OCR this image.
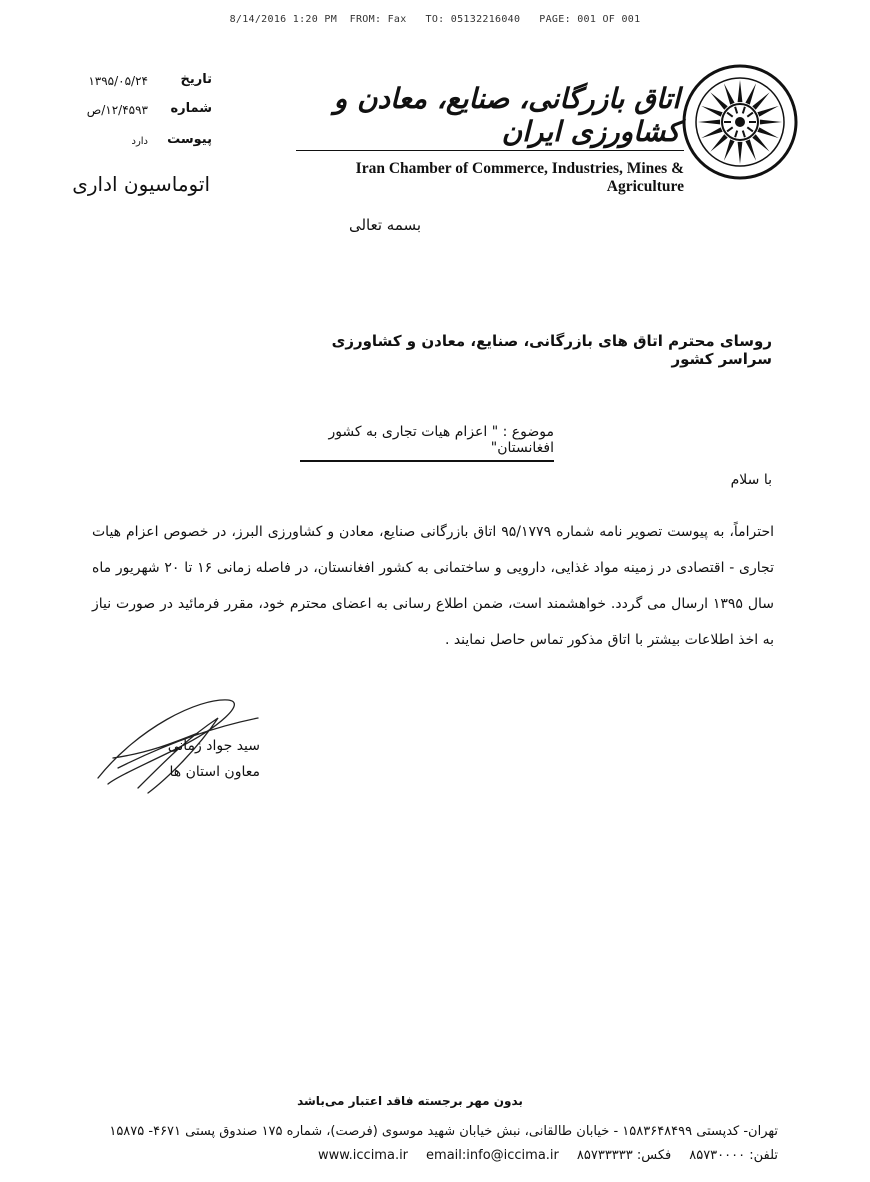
8/14/2016 1:20 PM  FROM: Fax   TO: 05132216040   PAGE: 001 OF 001
تاریخ
۱۳۹۵/۰۵/۲۴
شماره
۱۲/۴۵۹۳/ص
پیوست
دارد
اتوماسیون اداری
اتاق بازرگانی، صنایع، معادن و کشاورزی ایران
Iran Chamber of Commerce, Industries, Mines & Agriculture
بسمه تعالی
روسای محترم اتاق های بازرگانی، صنایع، معادن و کشاورزی سراسر کشور
موضوع : " اعزام هیات تجاری به کشور افغانستان"
با سلام
احتراماً، به پیوست تصویر نامه شماره ۹۵/۱۷۷۹ اتاق بازرگانی صنایع، معادن و کشاورزی البرز، در خصوص اعزام هیات تجاری - اقتصادی در زمینه مواد غذایی، دارویی و ساختمانی به کشور افغانستان، در فاصله زمانی ۱۶ تا ۲۰ شهریور ماه سال ۱۳۹۵ ارسال می گردد. خواهشمند است، ضمن اطلاع رسانی به اعضای محترم خود، مقرر فرمائید در صورت نیاز به اخذ اطلاعات بیشتر با اتاق مذکور تماس حاصل نمایند .
سید جواد زمانی
معاون استان ها
بدون مهر برجسته فاقد اعتبار می‌باشد
تهران- کدپستی ۱۵۸۳۶۴۸۴۹۹ - خیابان طالقانی، نبش خیابان شهید موسوی (فرصت)، شماره ۱۷۵ صندوق پستی ۴۶۷۱- ۱۵۸۷۵
تلفن: ۸۵۷۳۰۰۰۰
فکس: ۸۵۷۳۳۳۳۳
email:info@iccima.ir
www.iccima.ir
